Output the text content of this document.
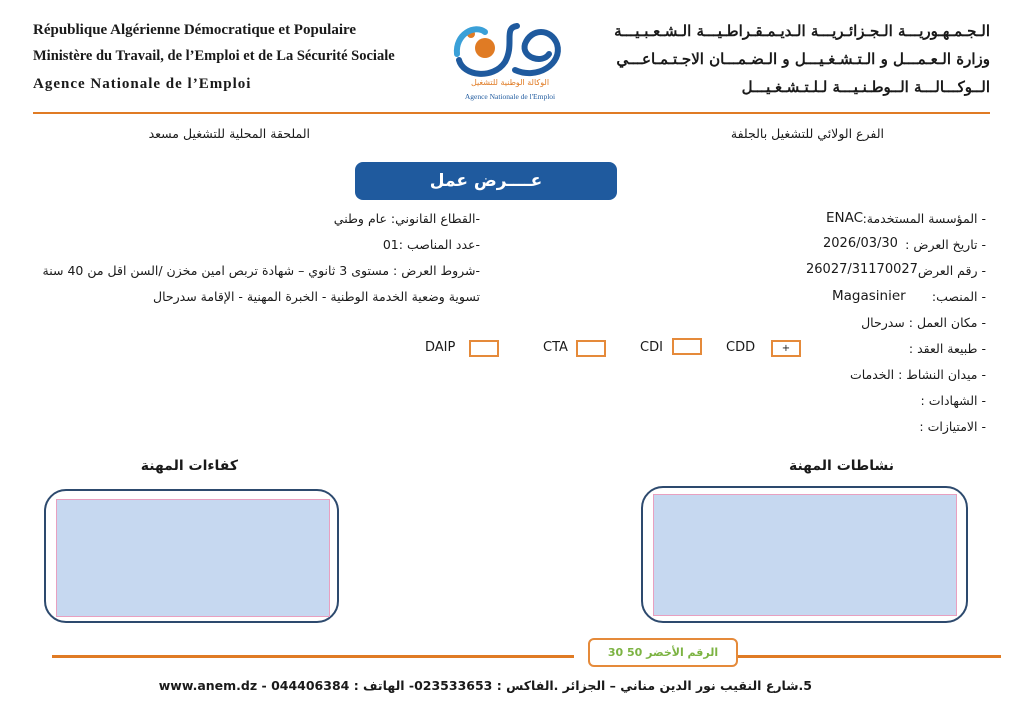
République Algérienne Démocratique et Populaire
Ministère du Travail, de l’Emploi et de La Sécurité Sociale
Agence Nationale de l’Emploi
الـجـمـهـوريـــة الـجـزائـريـــة الـديـمـقـراطـيـــة الـشـعـبـيـــة
وزارة الـعـمـــل و الـتـشـغـيـــل و الـضـمـــان الاجـتـمـاعـــي
الــوكـــالـــة الــوطـنـيـــة لـلـتـشـغـيـــل
الوكالة الوطنية للتشغيل
Agence Nationale de l'Emploi
الفرع الولائي للتشغيل بالجلفة
الملحقة المحلية للتشغيل مسعد
عــــرض عمل
- المؤسسة المستخدمة:
ENAC
- تاريخ العرض :
2026/03/30
- رقم العرض
26027/31170027
- المنصب:
Magasinier
- مكان العمل : سدرحال
- طبيعة العقد :
- ميدان النشاط : الخدمات
- الشهادات :
- الامتيازات :
CDD	+
CDI
CTA
DAIP
-القطاع القانوني: عام وطني
-عدد المناصب :01
-شروط العرض : مستوى 3 ثانوي – شهادة تربص امين مخزن /السن اقل من 40 سنة
تسوية وضعية الخدمة الوطنية - الخبرة المهنية - الإقامة سدرحال
نشاطات المهنة
كفاءات المهنة
الرقم الأخضر 50 30
5.شارع النقيب نور الدين مناني – الجزائر .الفاكس : 023533653- الهاتف : 044406384 - www.anem.dz
